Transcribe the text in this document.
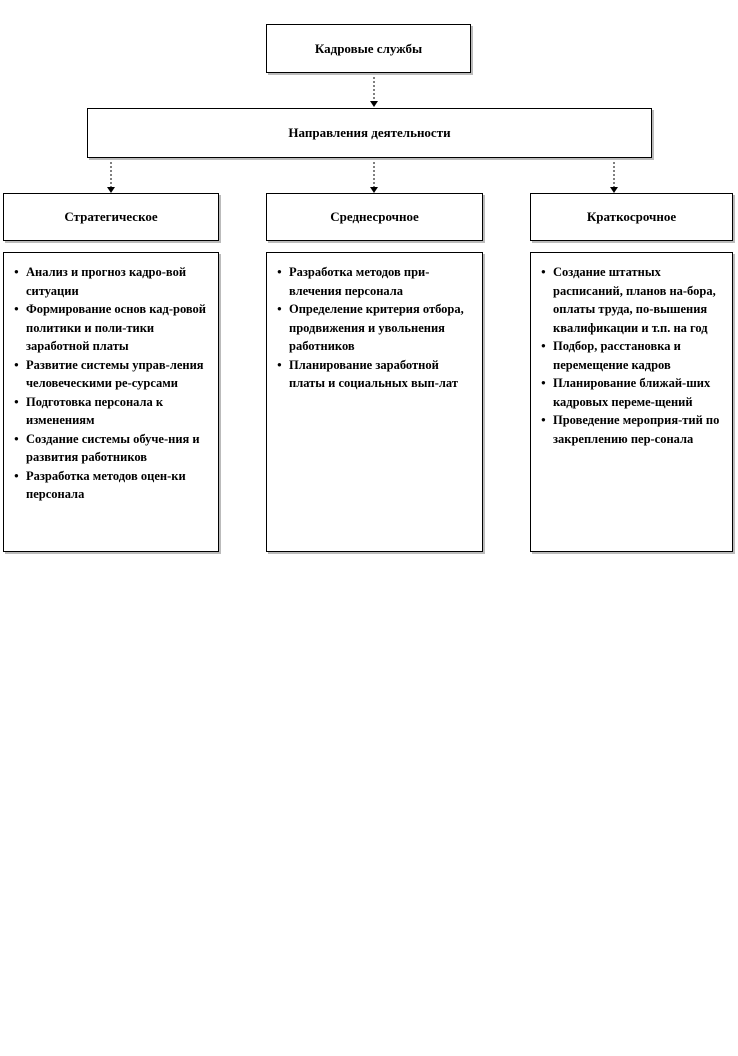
Кадровые службы
Направления деятельности
Стратегическое	Среднесрочное	Краткосрочное
● Анализ и прогноз кадро-вой ситуации
● Формирование основ кад-ровой политики и поли-тики заработной платы
● Развитие системы управ-ления человеческими ре-сурсами
● Подготовка персонала к изменениям
● Создание системы обуче-ния и развития работников
● Разработка методов оцен-ки персонала
● Разработка методов при-влечения персонала
● Определение критерия отбора, продвижения и увольнения работников
● Планирование заработной платы и социальных вып-лат
● Создание штатных расписаний, планов на-бора, оплаты труда, по-вышения квалификации и т.п. на год
● Подбор, расстановка и перемещение кадров
● Планирование ближай-ших кадровых переме-щений
● Проведение мероприя-тий по закреплению пер-сонала
